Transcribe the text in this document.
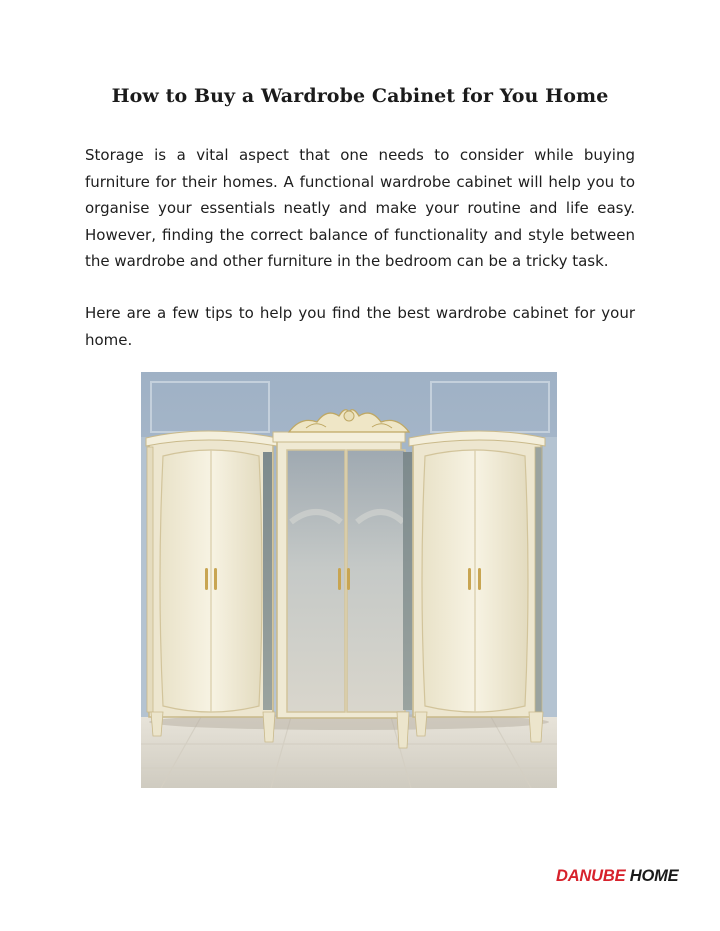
How to Buy a Wardrobe Cabinet for You Home

Storage is a vital aspect that one needs to consider while buying furniture for their homes. A functional wardrobe cabinet will help you to organise your essentials neatly and make your routine and life easy. However, finding the correct balance of functionality and style between the wardrobe and other furniture in the bedroom can be a tricky task.

Here are a few tips to help you find the best wardrobe cabinet for your home.

DANUBE HOME
